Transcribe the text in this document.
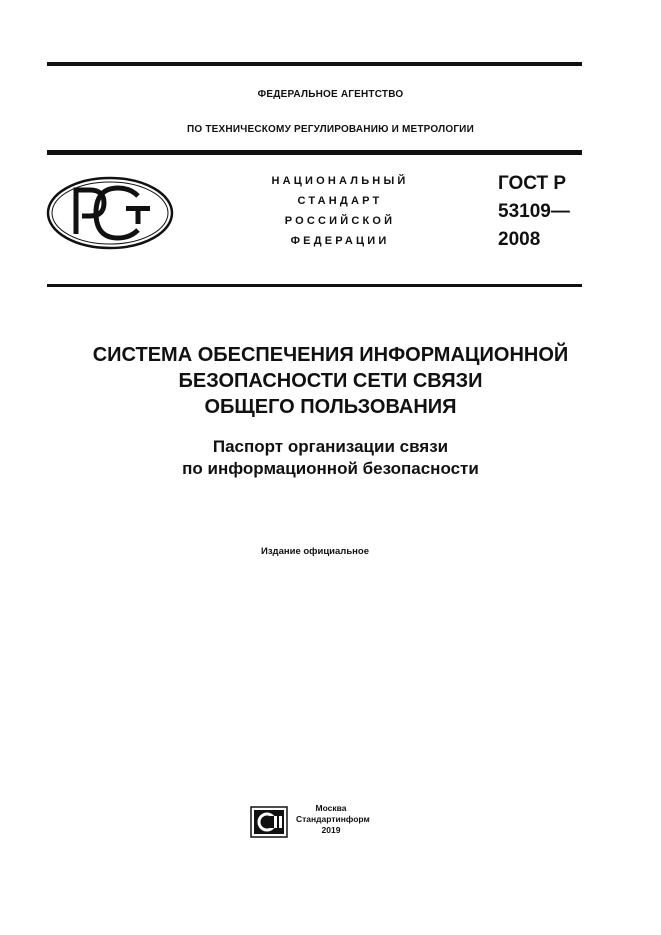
ФЕДЕРАЛЬНОЕ АГЕНТСТВО
ПО ТЕХНИЧЕСКОМУ РЕГУЛИРОВАНИЮ И МЕТРОЛОГИИ
НАЦИОНАЛЬНЫЙ
СТАНДАРТ
РОССИЙСКОЙ
ФЕДЕРАЦИИ
ГОСТ Р
53109—
2008
СИСТЕМА ОБЕСПЕЧЕНИЯ ИНФОРМАЦИОННОЙ
БЕЗОПАСНОСТИ СЕТИ СВЯЗИ
ОБЩЕГО ПОЛЬЗОВАНИЯ
Паспорт организации связи
по информационной безопасности
Издание официальное
Москва
Стандартинформ
2019
